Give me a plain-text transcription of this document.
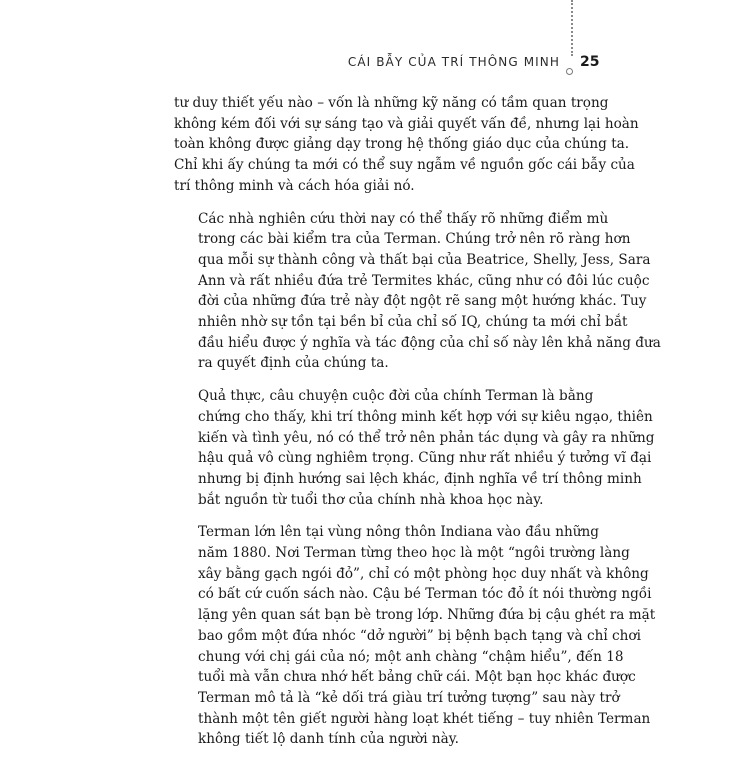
CÁI BẪY CỦA TRÍ THÔNG MINH 25

tư duy thiết yếu nào – vốn là những kỹ năng có tầm quan trọng
không kém đối với sự sáng tạo và giải quyết vấn đề, nhưng lại hoàn
toàn không được giảng dạy trong hệ thống giáo dục của chúng ta.
Chỉ khi ấy chúng ta mới có thể suy ngẫm về nguồn gốc cái bẫy của
trí thông minh và cách hóa giải nó.

Các nhà nghiên cứu thời nay có thể thấy rõ những điểm mù
trong các bài kiểm tra của Terman. Chúng trở nên rõ ràng hơn
qua mỗi sự thành công và thất bại của Beatrice, Shelly, Jess, Sara
Ann và rất nhiều đứa trẻ Termites khác, cũng như có đôi lúc cuộc
đời của những đứa trẻ này đột ngột rẽ sang một hướng khác. Tuy
nhiên nhờ sự tồn tại bền bỉ của chỉ số IQ, chúng ta mới chỉ bắt
đầu hiểu được ý nghĩa và tác động của chỉ số này lên khả năng đưa
ra quyết định của chúng ta.

Quả thực, câu chuyện cuộc đời của chính Terman là bằng
chứng cho thấy, khi trí thông minh kết hợp với sự kiêu ngạo, thiên
kiến và tình yêu, nó có thể trở nên phản tác dụng và gây ra những
hậu quả vô cùng nghiêm trọng. Cũng như rất nhiều ý tưởng vĩ đại
nhưng bị định hướng sai lệch khác, định nghĩa về trí thông minh
bắt nguồn từ tuổi thơ của chính nhà khoa học này.

Terman lớn lên tại vùng nông thôn Indiana vào đầu những
năm 1880. Nơi Terman từng theo học là một “ngôi trường làng
xây bằng gạch ngói đỏ”, chỉ có một phòng học duy nhất và không
có bất cứ cuốn sách nào. Cậu bé Terman tóc đỏ ít nói thường ngồi
lặng yên quan sát bạn bè trong lớp. Những đứa bị cậu ghét ra mặt
bao gồm một đứa nhóc “dở người” bị bệnh bạch tạng và chỉ chơi
chung với chị gái của nó; một anh chàng “chậm hiểu”, đến 18
tuổi mà vẫn chưa nhớ hết bảng chữ cái. Một bạn học khác được
Terman mô tả là “kẻ dối trá giàu trí tưởng tượng” sau này trở
thành một tên giết người hàng loạt khét tiếng – tuy nhiên Terman
không tiết lộ danh tính của người này.
